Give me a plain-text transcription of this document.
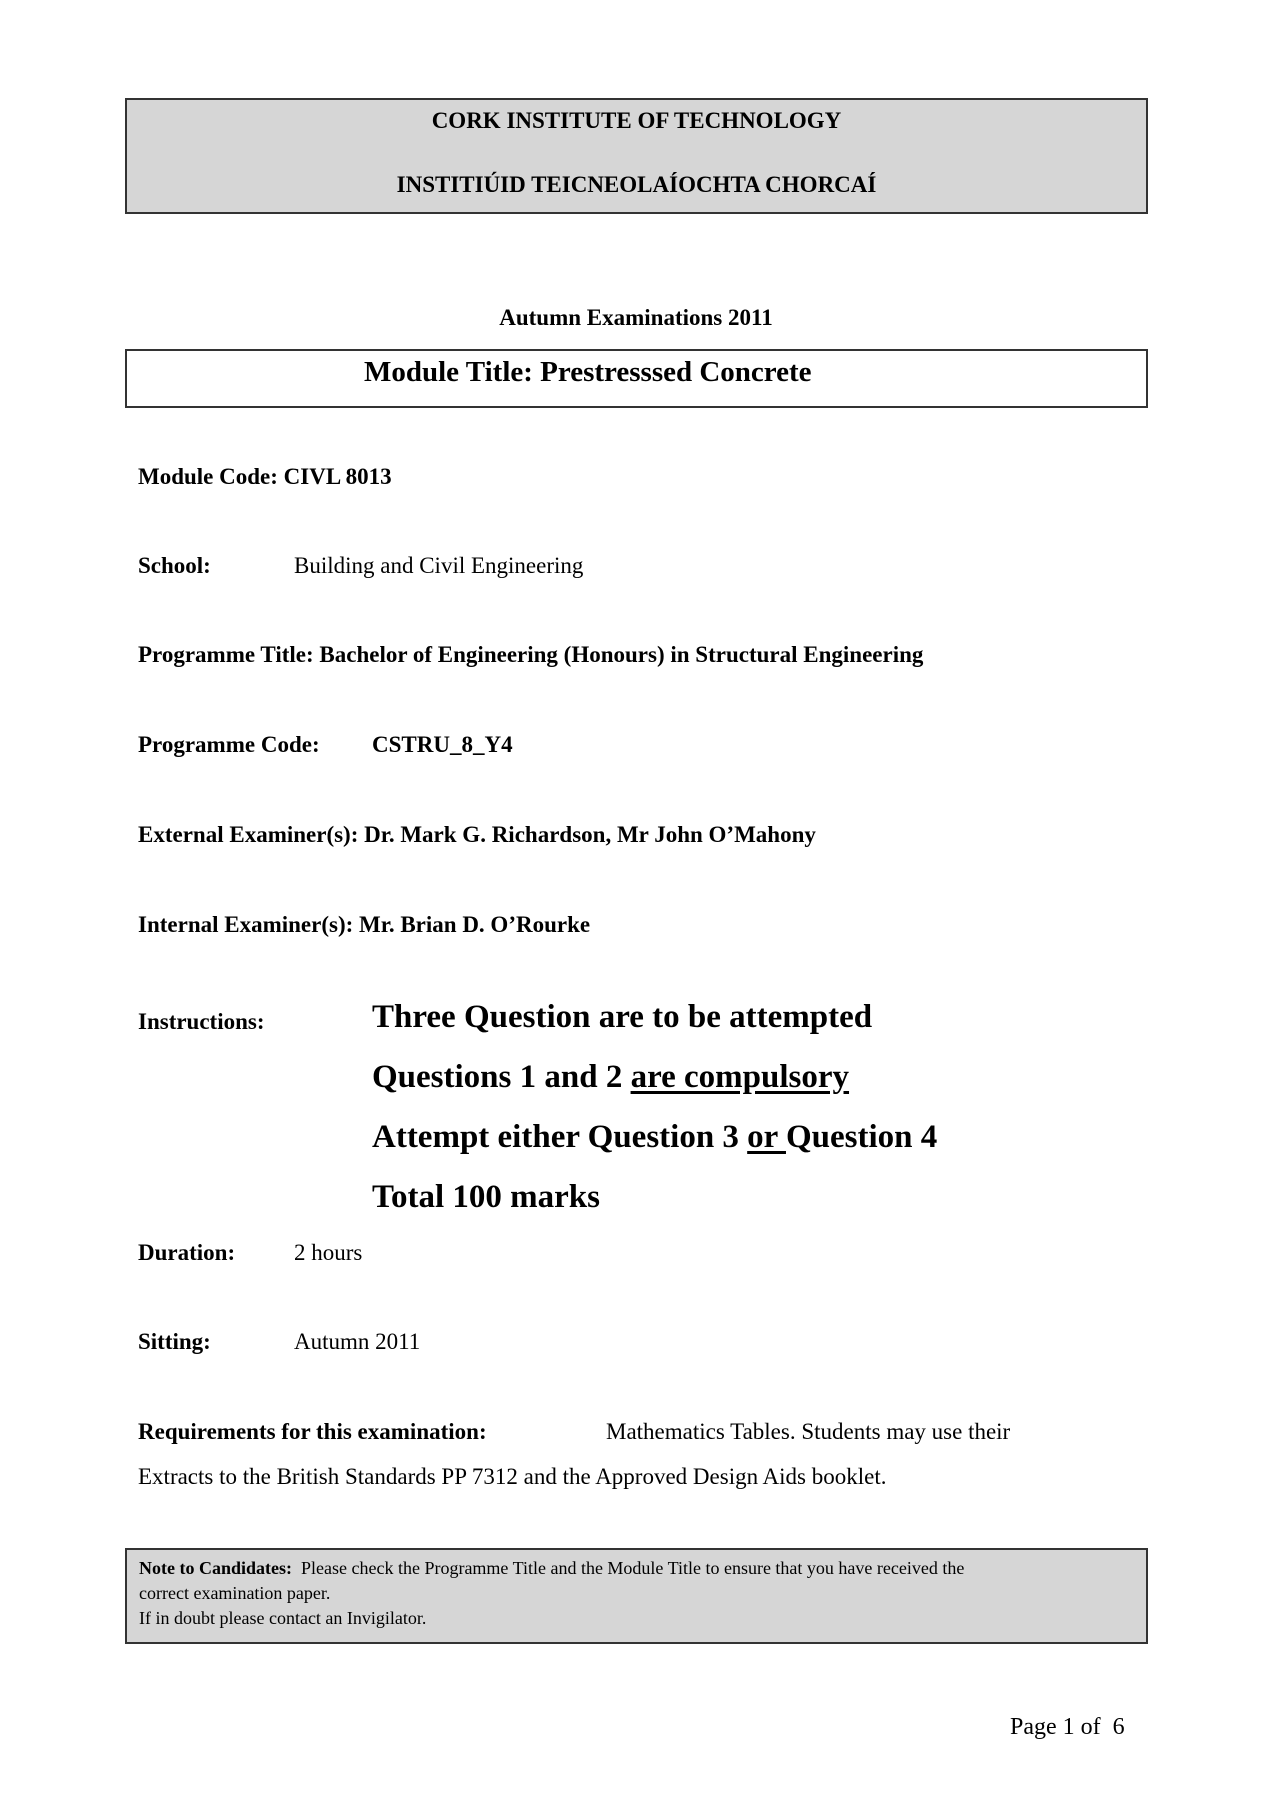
CORK INSTITUTE OF TECHNOLOGY
INSTITIÚID TEICNEOLAÍOCHTA CHORCAÍ
Autumn Examinations 2011
Module Title: Prestresssed Concrete
Module Code: CIVL 8013
School:	Building and Civil Engineering
Programme Title: Bachelor of Engineering (Honours) in Structural Engineering
Programme Code: CSTRU_8_Y4
External Examiner(s): Dr. Mark G. Richardson, Mr John O’Mahony
Internal Examiner(s): Mr. Brian D. O’Rourke
Instructions:	Three Question are to be attempted
Questions 1 and 2 are compulsory
Attempt either Question 3 or Question 4
Total 100 marks
Duration:	2 hours
Sitting:	Autumn 2011
Requirements for this examination:	Mathematics Tables. Students may use their
Extracts to the British Standards PP 7312 and the Approved Design Aids booklet.
Note to Candidates: Please check the Programme Title and the Module Title to ensure that you have received the
correct examination paper.
If in doubt please contact an Invigilator.
Page 1 of  6
